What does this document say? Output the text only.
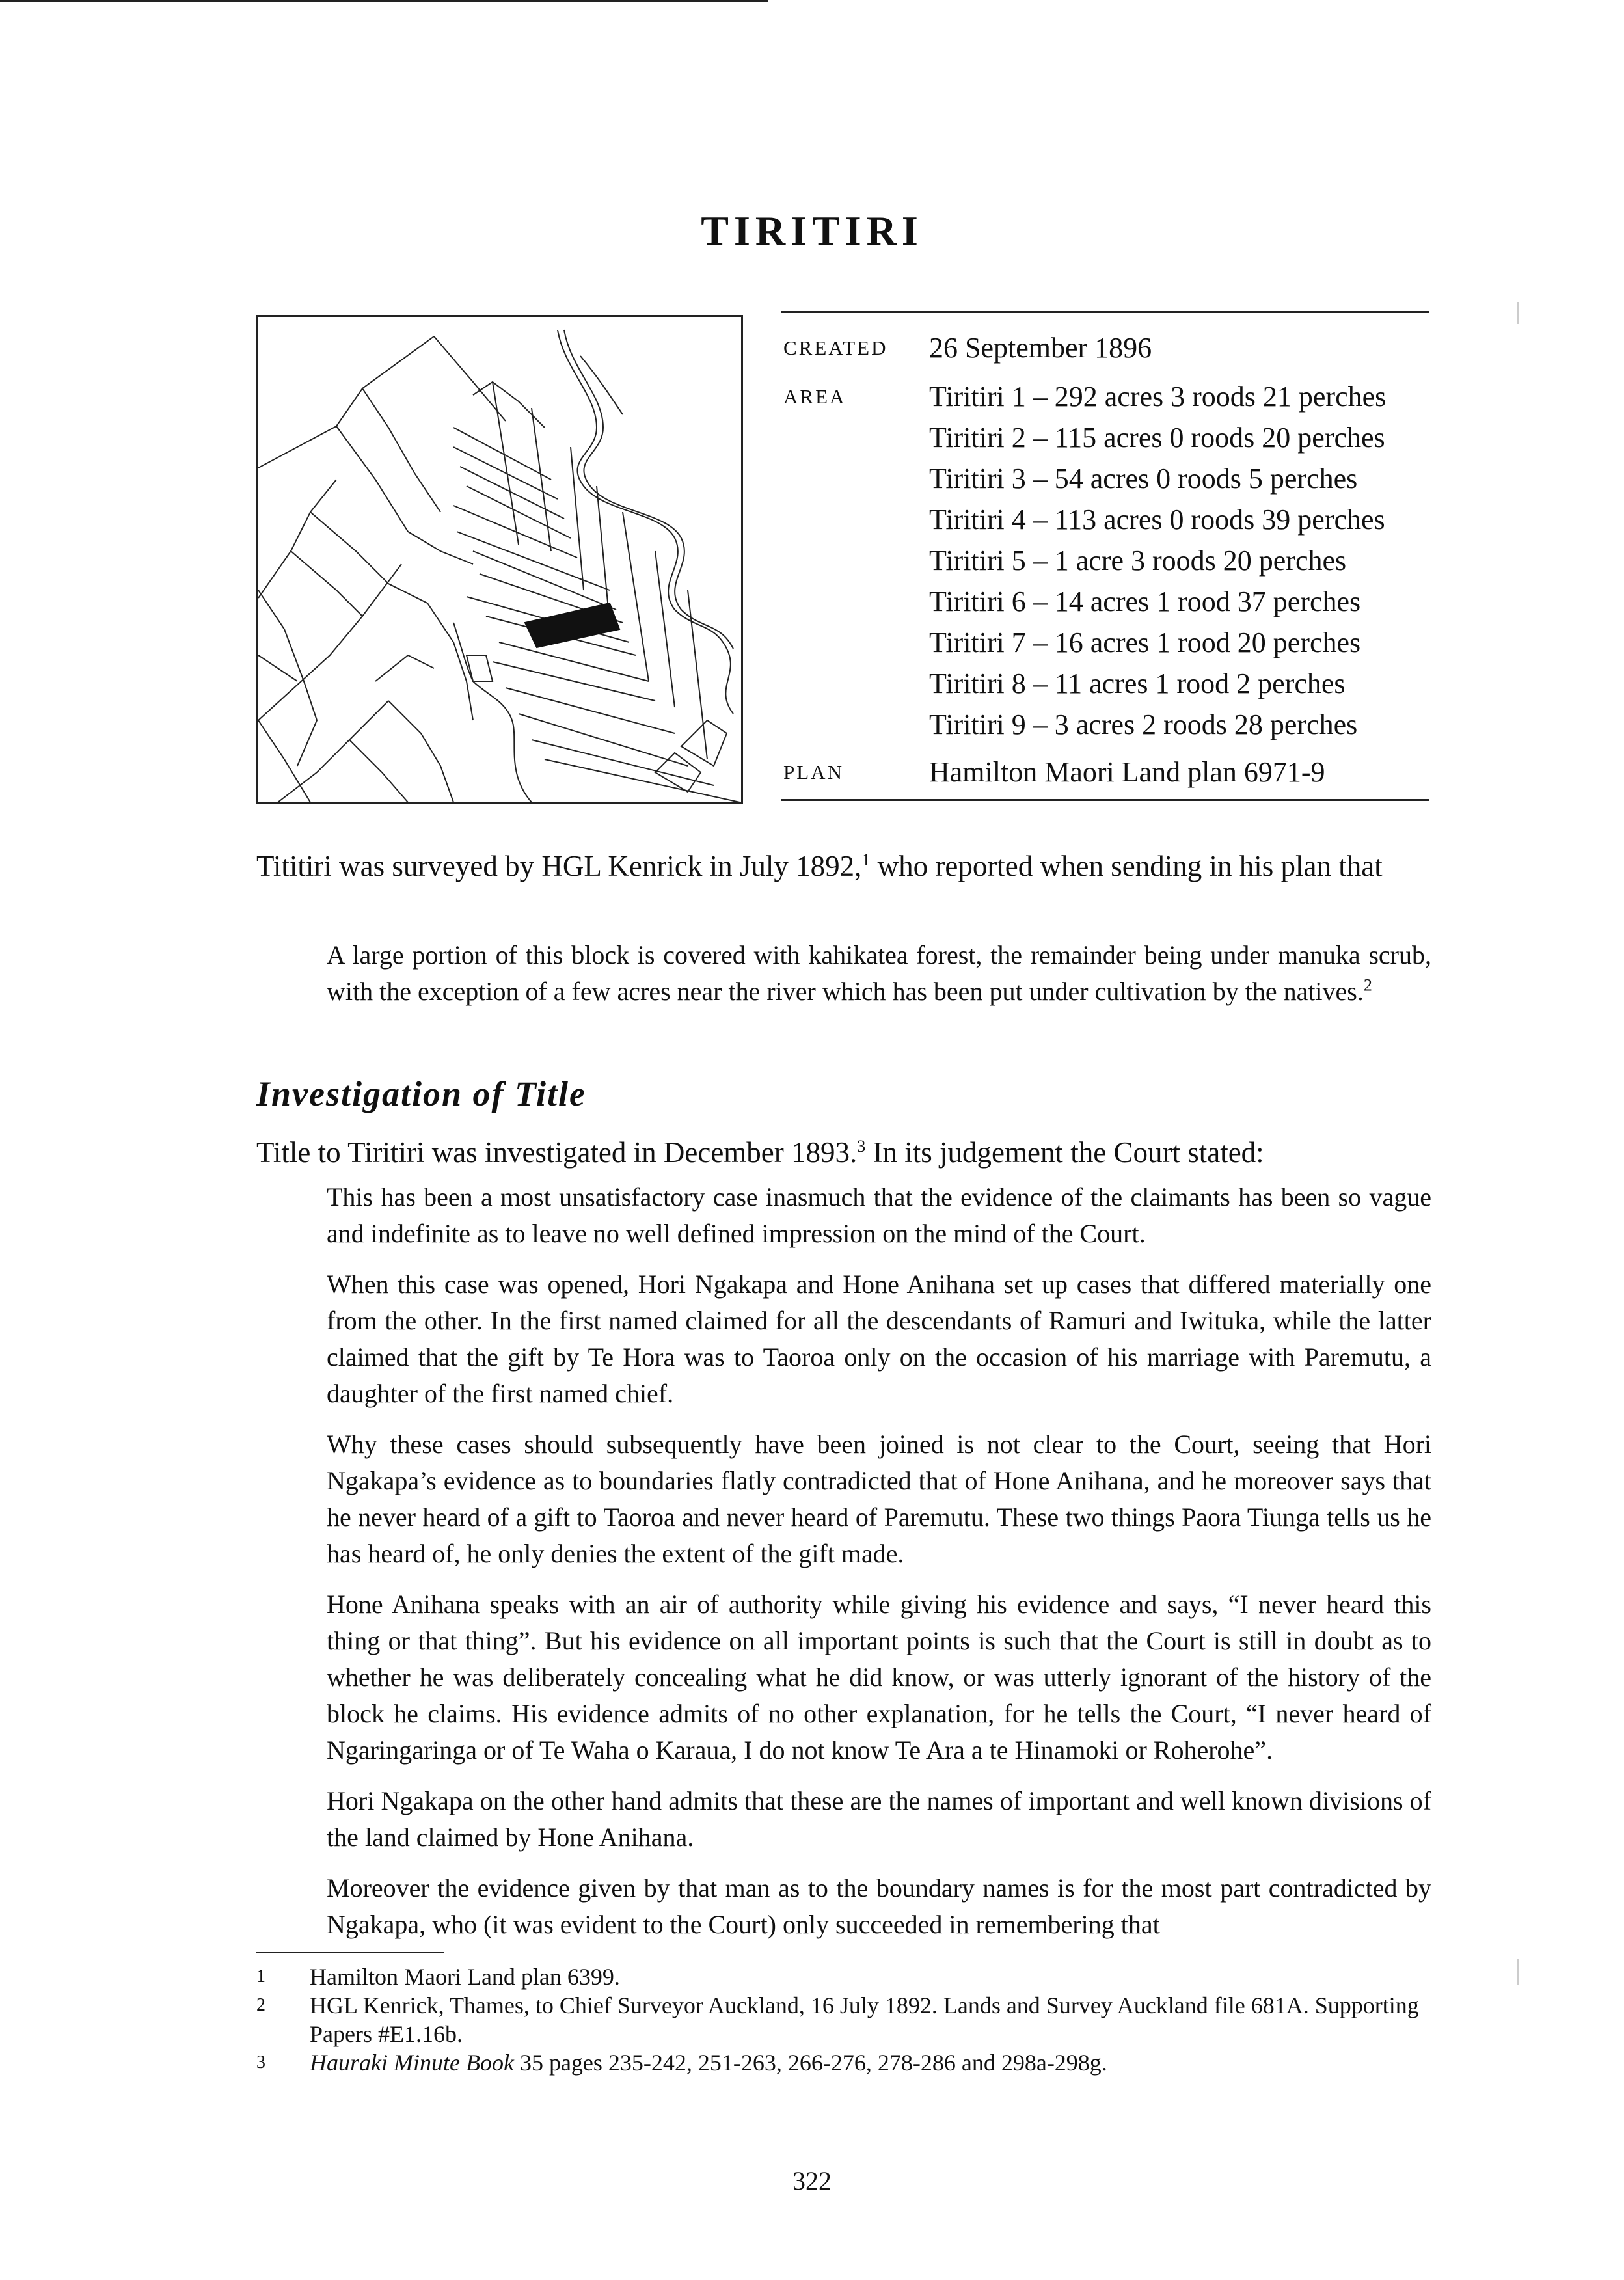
TIRITIRI
CREATED 26 September 1896
AREA	Tiritiri 1 – 292 acres 3 roods 21 perches
Tiritiri 2 – 115 acres 0 roods 20 perches
Tiritiri 3 – 54 acres 0 roods 5 perches
Tiritiri 4 – 113 acres 0 roods 39 perches
Tiritiri 5 – 1 acre 3 roods 20 perches
Tiritiri 6 – 14 acres 1 rood 37 perches
Tiritiri 7 – 16 acres 1 rood 20 perches
Tiritiri 8 – 11 acres 1 rood 2 perches
Tiritiri 9 – 3 acres 2 roods 28 perches
PLAN	Hamilton Maori Land plan 6971-9
Tititiri was surveyed by HGL Kenrick in July 1892,$^1$ who reported when sending in his plan that

A large portion of this block is covered with kahikatea forest, the remainder being under manuka scrub, with the exception of a few acres near the river which has been put under cultivation by the natives.$^2$

Investigation of Title
Title to Tiritiri was investigated in December 1893.$^3$ In its judgement the Court stated:

This has been a most unsatisfactory case inasmuch that the evidence of the claimants has been so vague and indefinite as to leave no well defined impression on the mind of the Court.

When this case was opened, Hori Ngakapa and Hone Anihana set up cases that differed materially one from the other. In the first named claimed for all the descendants of Ramuri and Iwituka, while the latter claimed that the gift by Te Hora was to Taoroa only on the occasion of his marriage with Paremutu, a daughter of the first named chief.

Why these cases should subsequently have been joined is not clear to the Court, seeing that Hori Ngakapa’s evidence as to boundaries flatly contradicted that of Hone Anihana, and he moreover says that he never heard of a gift to Taoroa and never heard of Paremutu. These two things Paora Tiunga tells us he has heard of, he only denies the extent of the gift made.

Hone Anihana speaks with an air of authority while giving his evidence and says, “I never heard this thing or that thing”. But his evidence on all important points is such that the Court is still in doubt as to whether he was deliberately concealing what he did know, or was utterly ignorant of the history of the block he claims. His evidence admits of no other explanation, for he tells the Court, “I never heard of Ngaringaringa or of Te Waha o Karaua, I do not know Te Ara a te Hinamoki or Roherohe”.

Hori Ngakapa on the other hand admits that these are the names of important and well known divisions of the land claimed by Hone Anihana.

Moreover the evidence given by that man as to the boundary names is for the most part contradicted by Ngakapa, who (it was evident to the Court) only succeeded in remembering that

1	Hamilton Maori Land plan 6399.
2	HGL Kenrick, Thames, to Chief Surveyor Auckland, 16 July 1892. Lands and Survey Auckland file 681A. Supporting Papers #E1.16b.
3	Hauraki Minute Book 35 pages 235-242, 251-263, 266-276, 278-286 and 298a-298g.
322
